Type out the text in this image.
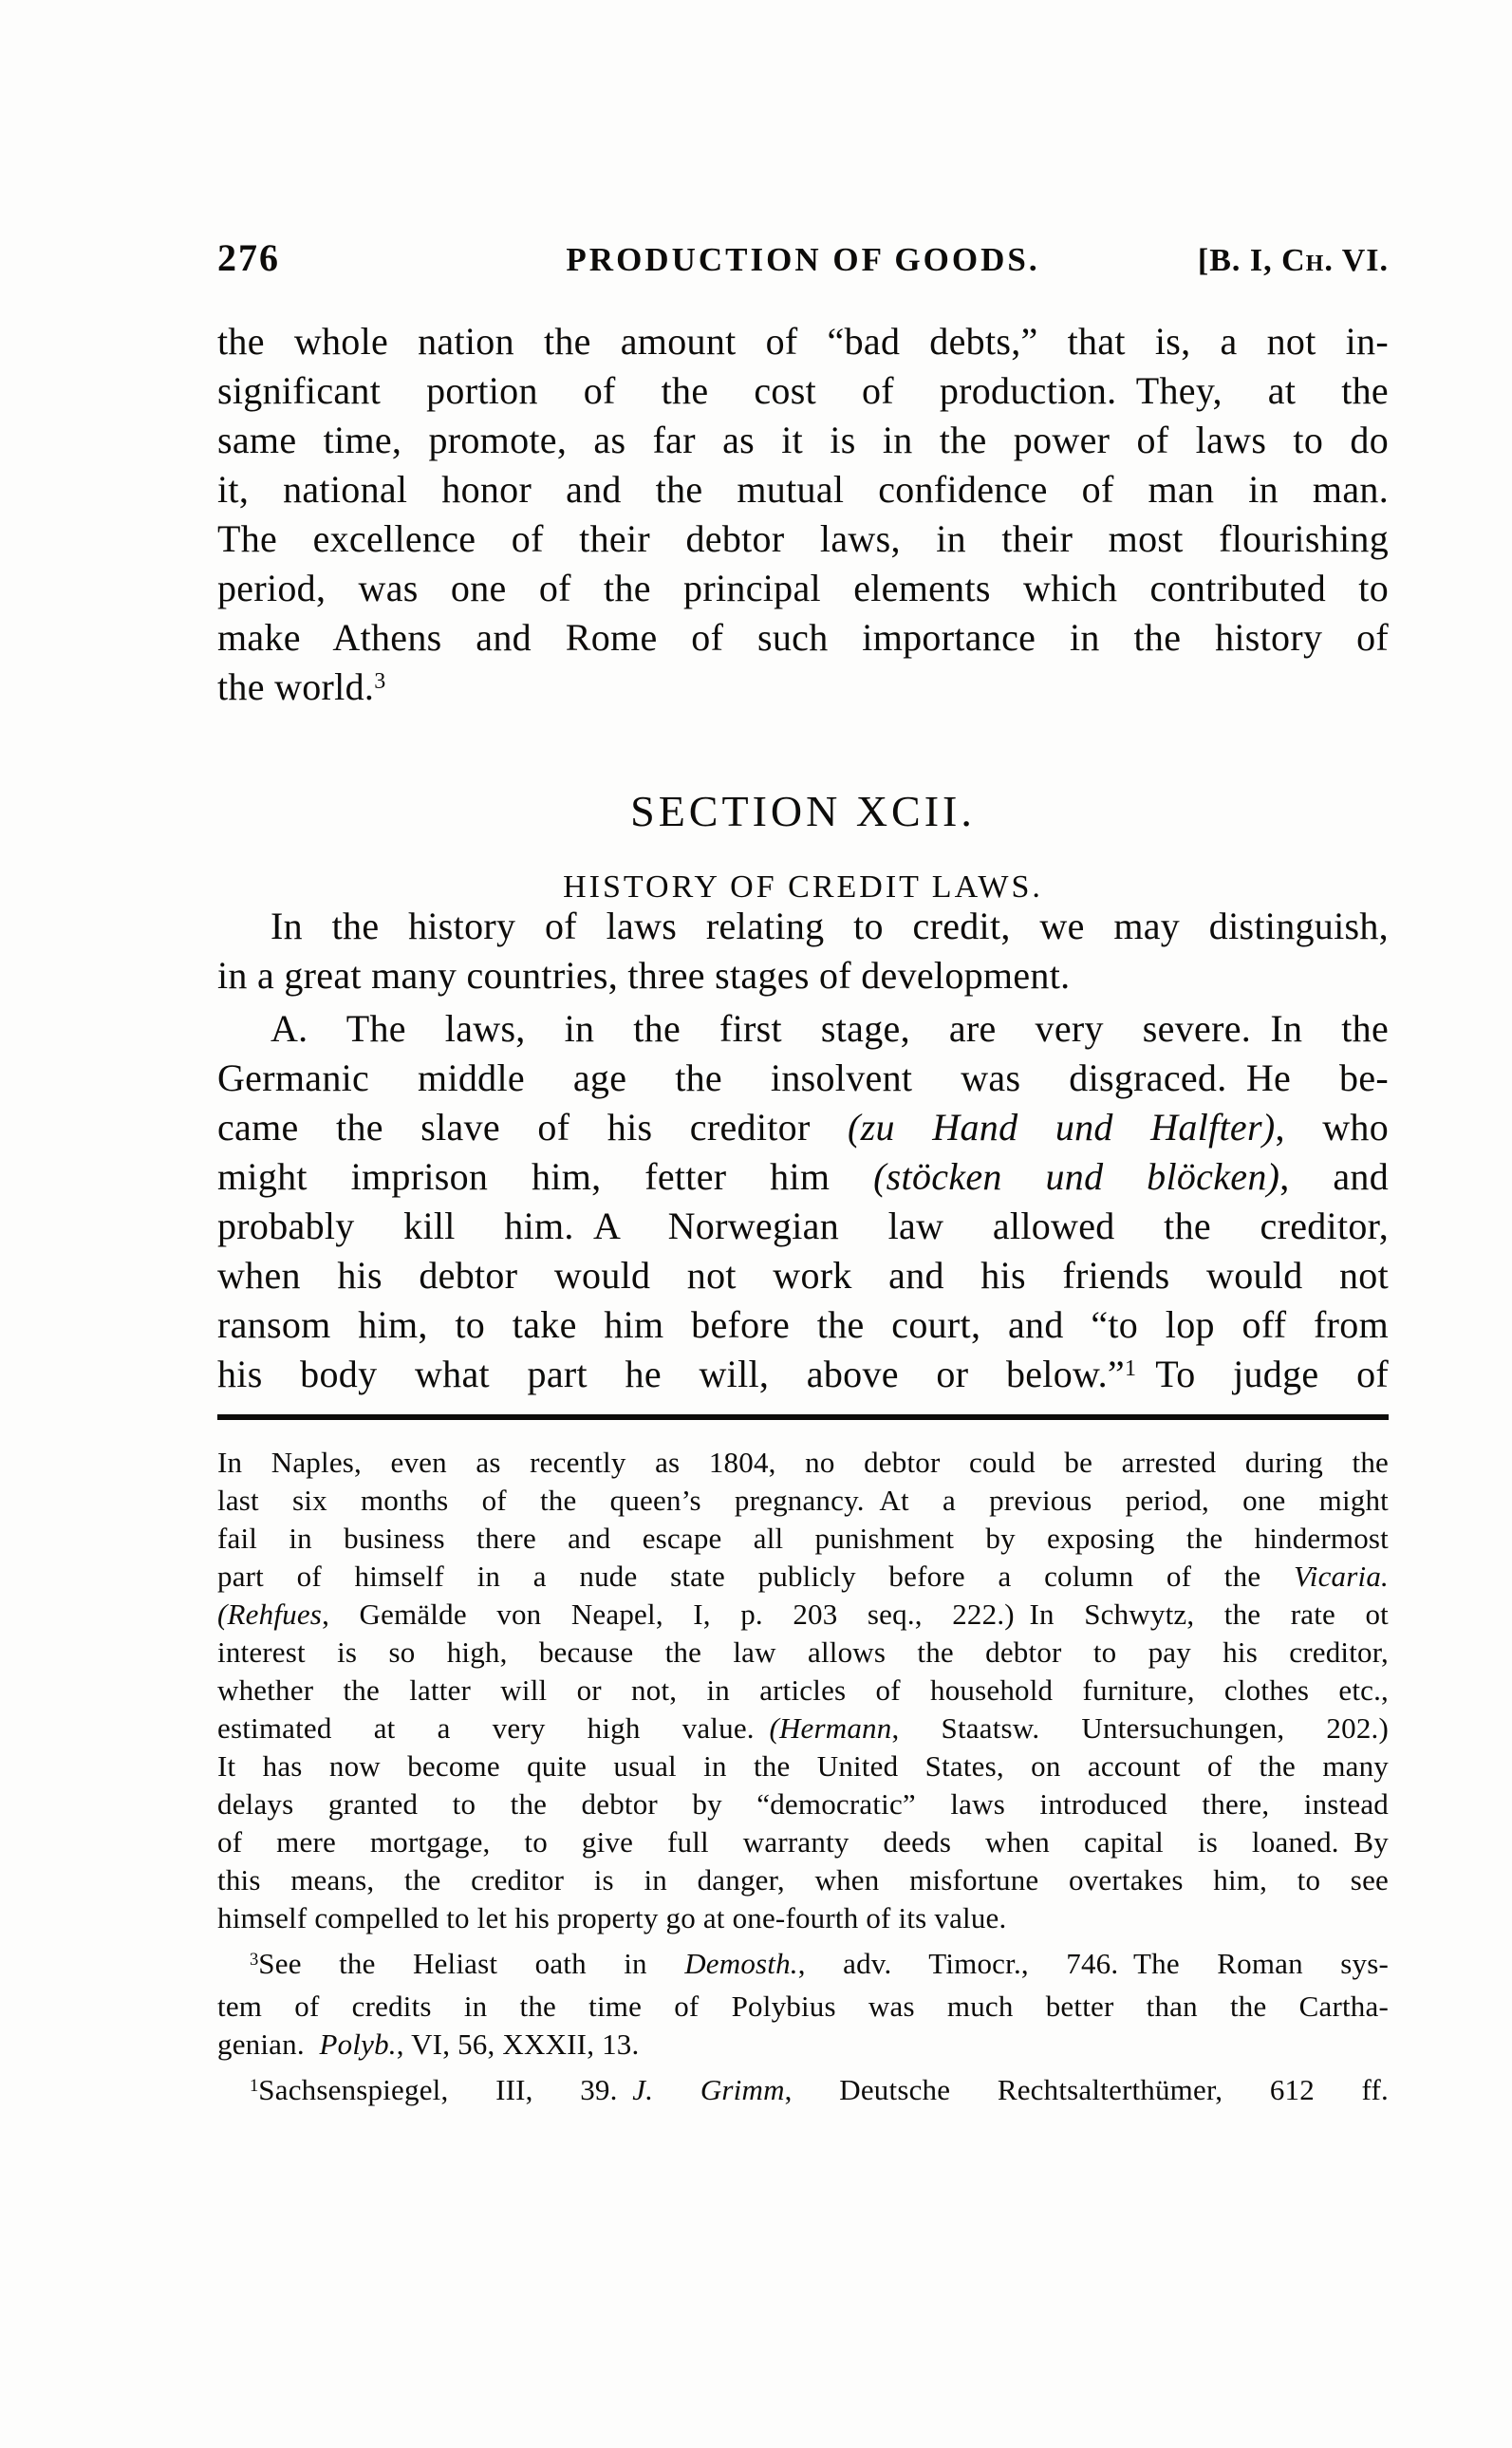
276	PRODUCTION OF GOODS.	[B. I, Ch. VI.
the whole nation the amount of “bad debts,” that is, a not in-
significant portion of the cost of production. They, at the
same time, promote, as far as it is in the power of laws to do
it, national honor and the mutual confidence of man in man.
The excellence of their debtor laws, in their most flourishing
period, was one of the principal elements which contributed to
make Athens and Rome of such importance in the history of
the world.$^3$
SECTION XCII.
HISTORY OF CREDIT LAWS.
In the history of laws relating to credit, we may distinguish,
in a great many countries, three stages of development.
A. The laws, in the first stage, are very severe. In the
Germanic middle age the insolvent was disgraced. He be-
came the slave of his creditor (zu Hand und Halfter), who
might imprison him, fetter him (stöcken und blöcken), and
probably kill him. A Norwegian law allowed the creditor,
when his debtor would not work and his friends would not
ransom him, to take him before the court, and “to lop off from
his body what part he will, above or below.”$^1$ To judge of
In Naples, even as recently as 1804, no debtor could be arrested during the
last six months of the queen’s pregnancy. At a previous period, one might
fail in business there and escape all punishment by exposing the hindermost
part of himself in a nude state publicly before a column of the Vicaria.
(Rehfues, Gemälde von Neapel, I, p. 203 seq., 222.) In Schwytz, the rate ot
interest is so high, because the law allows the debtor to pay his creditor,
whether the latter will or not, in articles of household furniture, clothes etc.,
estimated at a very high value. (Hermann, Staatsw. Untersuchungen, 202.)
It has now become quite usual in the United States, on account of the many
delays granted to the debtor by “democratic” laws introduced there, instead
of mere mortgage, to give full warranty deeds when capital is loaned. By
this means, the creditor is in danger, when misfortune overtakes him, to see
himself compelled to let his property go at one-fourth of its value.
$^3$See the Heliast oath in Demosth., adv. Timocr., 746. The Roman sys-
tem of credits in the time of Polybius was much better than the Cartha-
genian. Polyb., VI, 56, XXXII, 13.
$^1$Sachsenspiegel, III, 39. J. Grimm, Deutsche Rechtsalterthümer, 612 ff.
